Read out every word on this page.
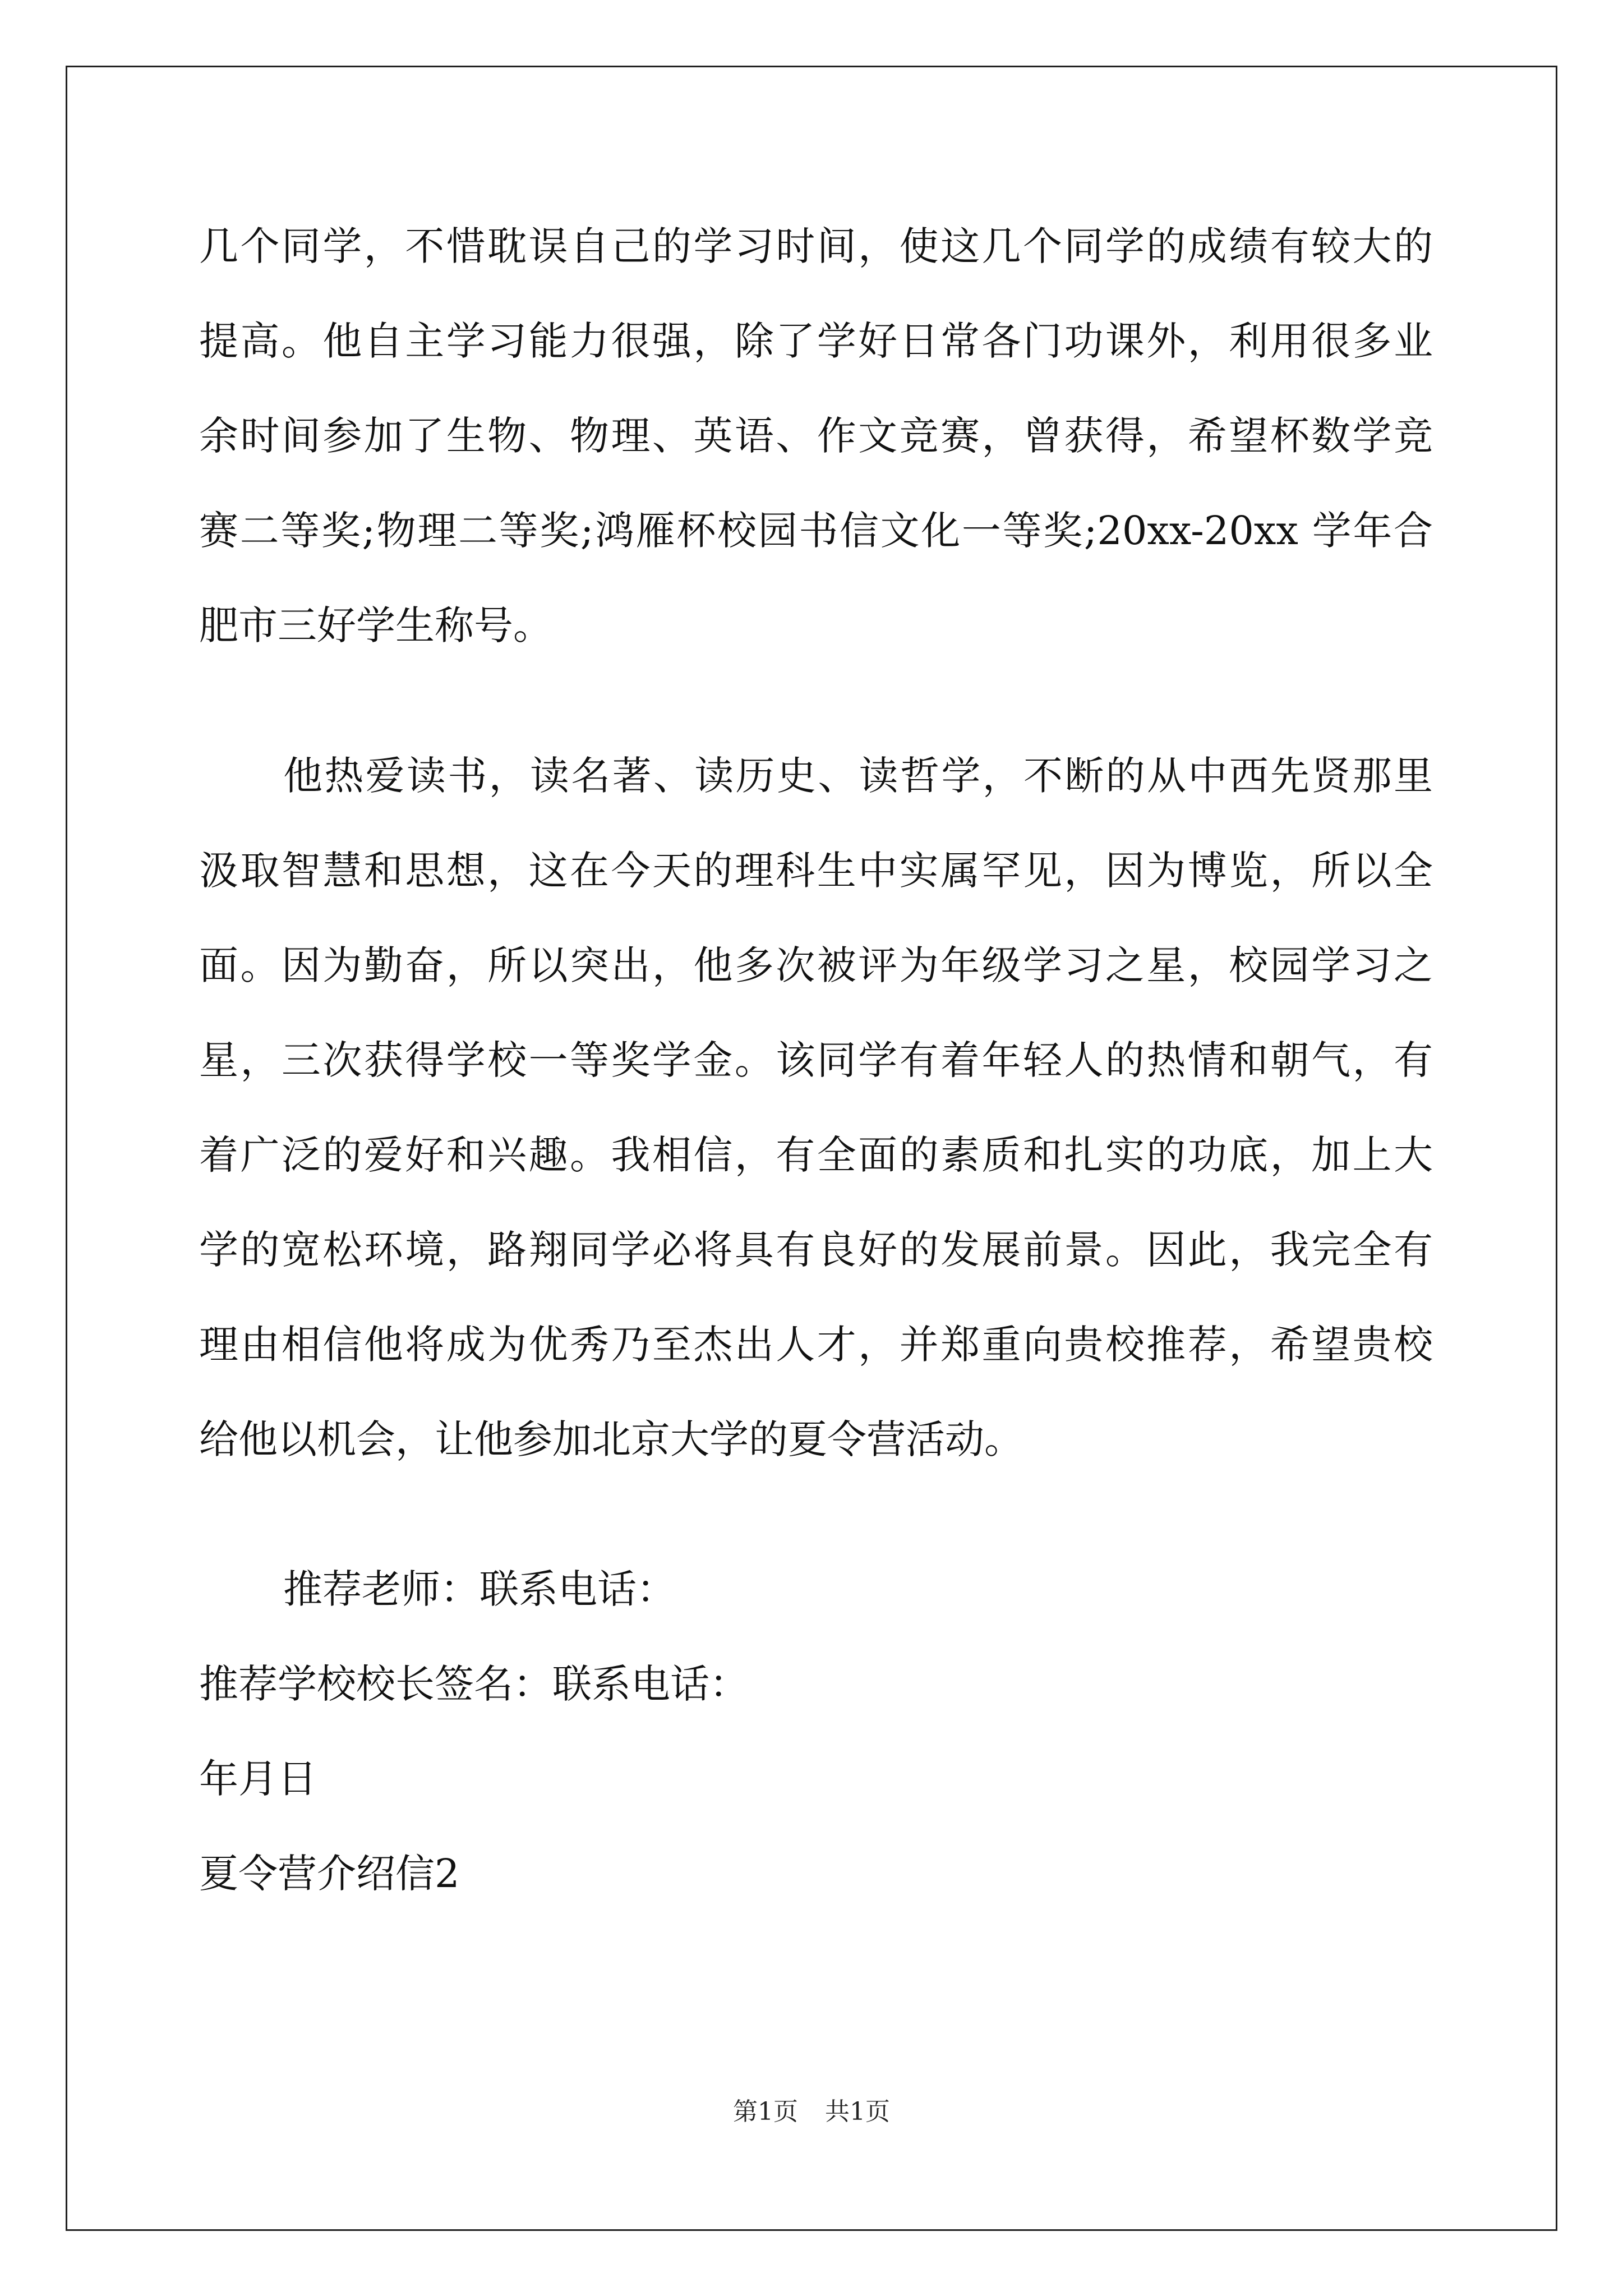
几个同学，不惜耽误自己的学习时间，使这几个同学的成绩有较大的
提高。他自主学习能力很强，除了学好日常各门功课外，利用很多业
余时间参加了生物、物理、英语、作文竞赛，曾获得，希望杯数学竞
赛二等奖;物理二等奖;鸿雁杯校园书信文化一等奖;20xx-20xx 学年合
肥市三好学生称号。
他热爱读书，读名著、读历史、读哲学，不断的从中西先贤那里
汲取智慧和思想，这在今天的理科生中实属罕见，因为博览，所以全
面。因为勤奋，所以突出，他多次被评为年级学习之星，校园学习之
星，三次获得学校一等奖学金。该同学有着年轻人的热情和朝气，有
着广泛的爱好和兴趣。我相信，有全面的素质和扎实的功底，加上大
学的宽松环境，路翔同学必将具有良好的发展前景。因此，我完全有
理由相信他将成为优秀乃至杰出人才，并郑重向贵校推荐，希望贵校
给他以机会，让他参加北京大学的夏令营活动。
推荐老师：联系电话：
推荐学校校长签名：联系电话：
年月日
夏令营介绍信2
第1页 共1页
